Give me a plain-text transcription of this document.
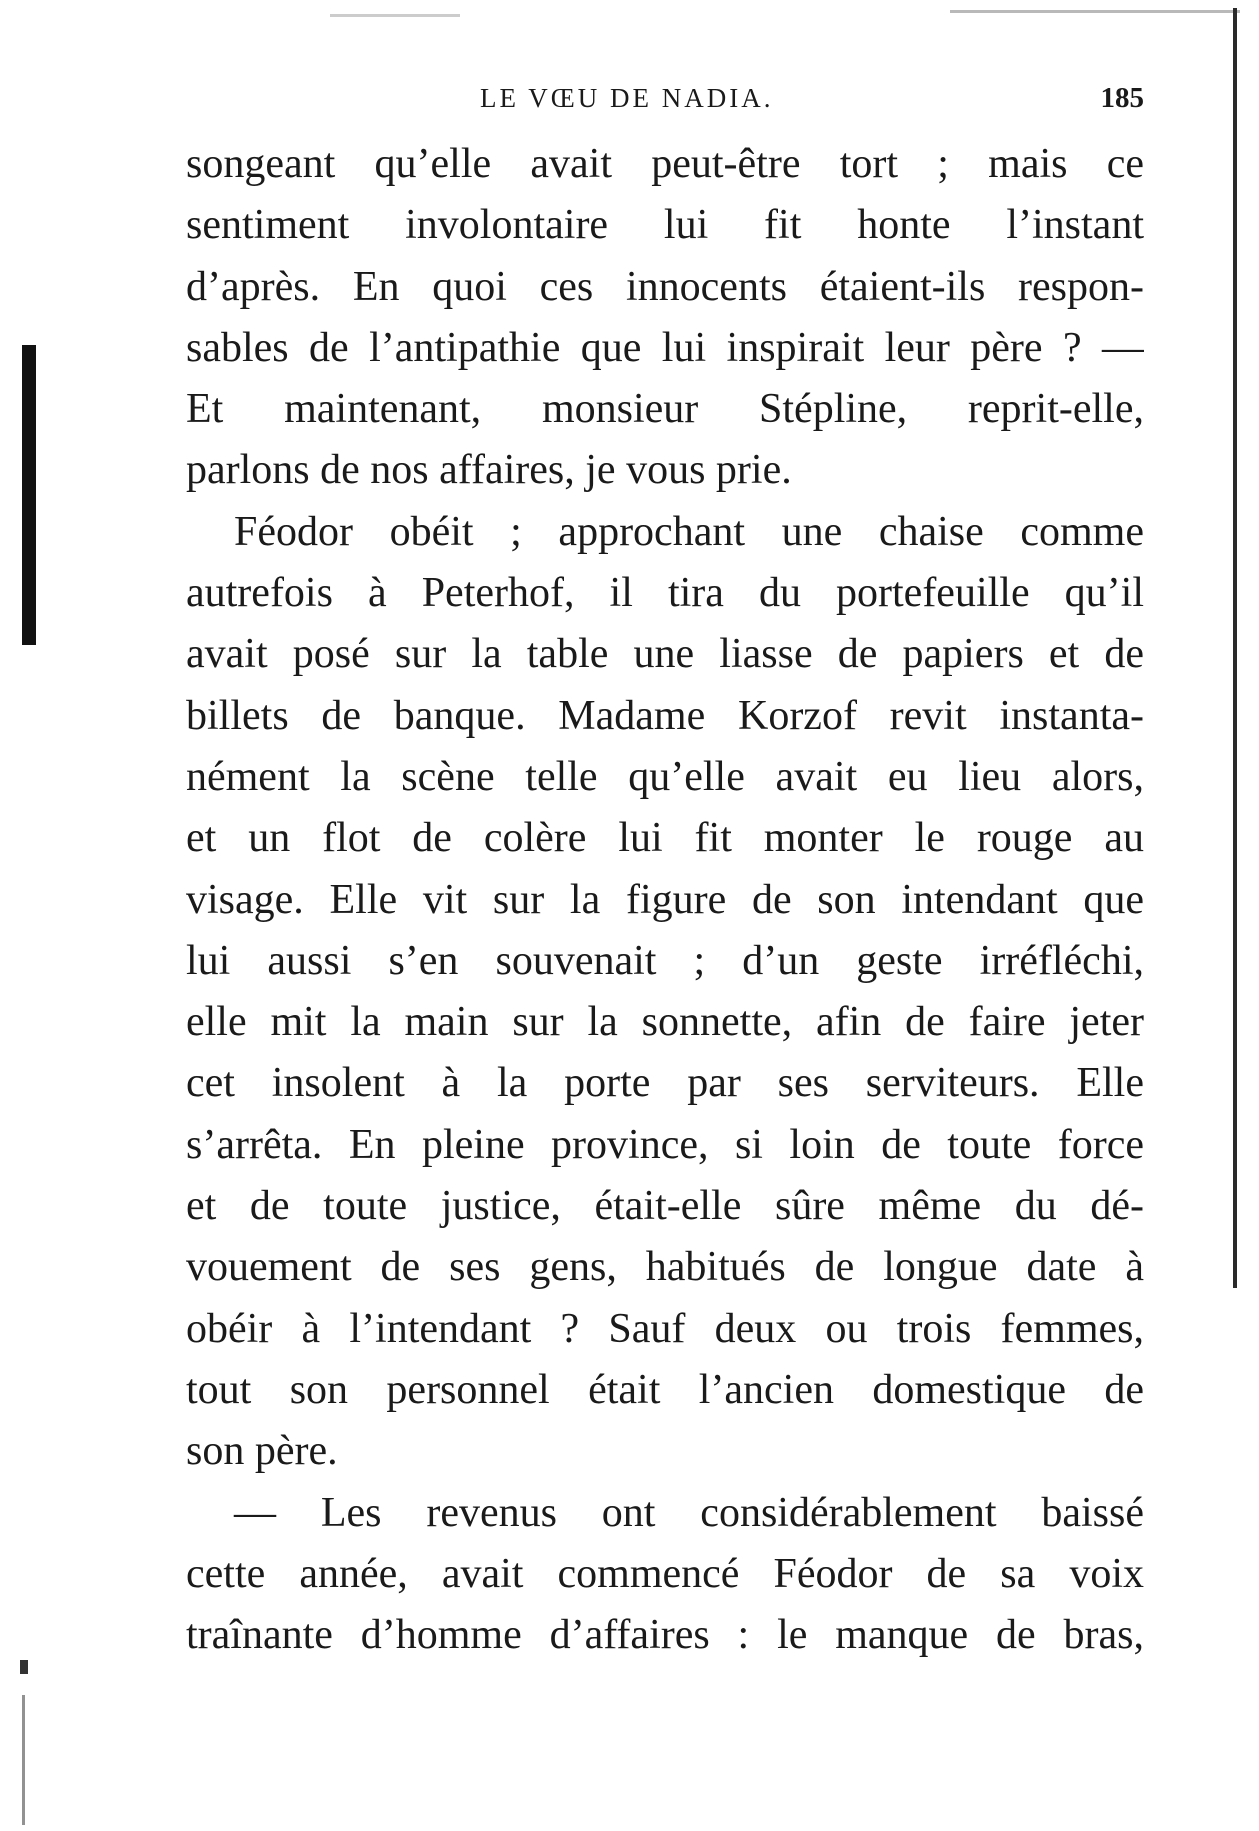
LE VŒU DE NADIA.	185
songeant qu’elle avait peut-être tort ; mais ce
sentiment involontaire lui fit honte l’instant
d’après. En quoi ces innocents étaient-ils respon-
sables de l’antipathie que lui inspirait leur père ? —
Et maintenant, monsieur Stépline, reprit-elle,
parlons de nos affaires, je vous prie.
Féodor obéit ; approchant une chaise comme
autrefois à Peterhof, il tira du portefeuille qu’il
avait posé sur la table une liasse de papiers et de
billets de banque. Madame Korzof revit instanta-
nément la scène telle qu’elle avait eu lieu alors,
et un flot de colère lui fit monter le rouge au
visage. Elle vit sur la figure de son intendant que
lui aussi s’en souvenait ; d’un geste irréfléchi,
elle mit la main sur la sonnette, afin de faire jeter
cet insolent à la porte par ses serviteurs. Elle
s’arrêta. En pleine province, si loin de toute force
et de toute justice, était-elle sûre même du dé-
vouement de ses gens, habitués de longue date à
obéir à l’intendant ? Sauf deux ou trois femmes,
tout son personnel était l’ancien domestique de
son père.
— Les revenus ont considérablement baissé
cette année, avait commencé Féodor de sa voix
traînante d’homme d’affaires : le manque de bras,
